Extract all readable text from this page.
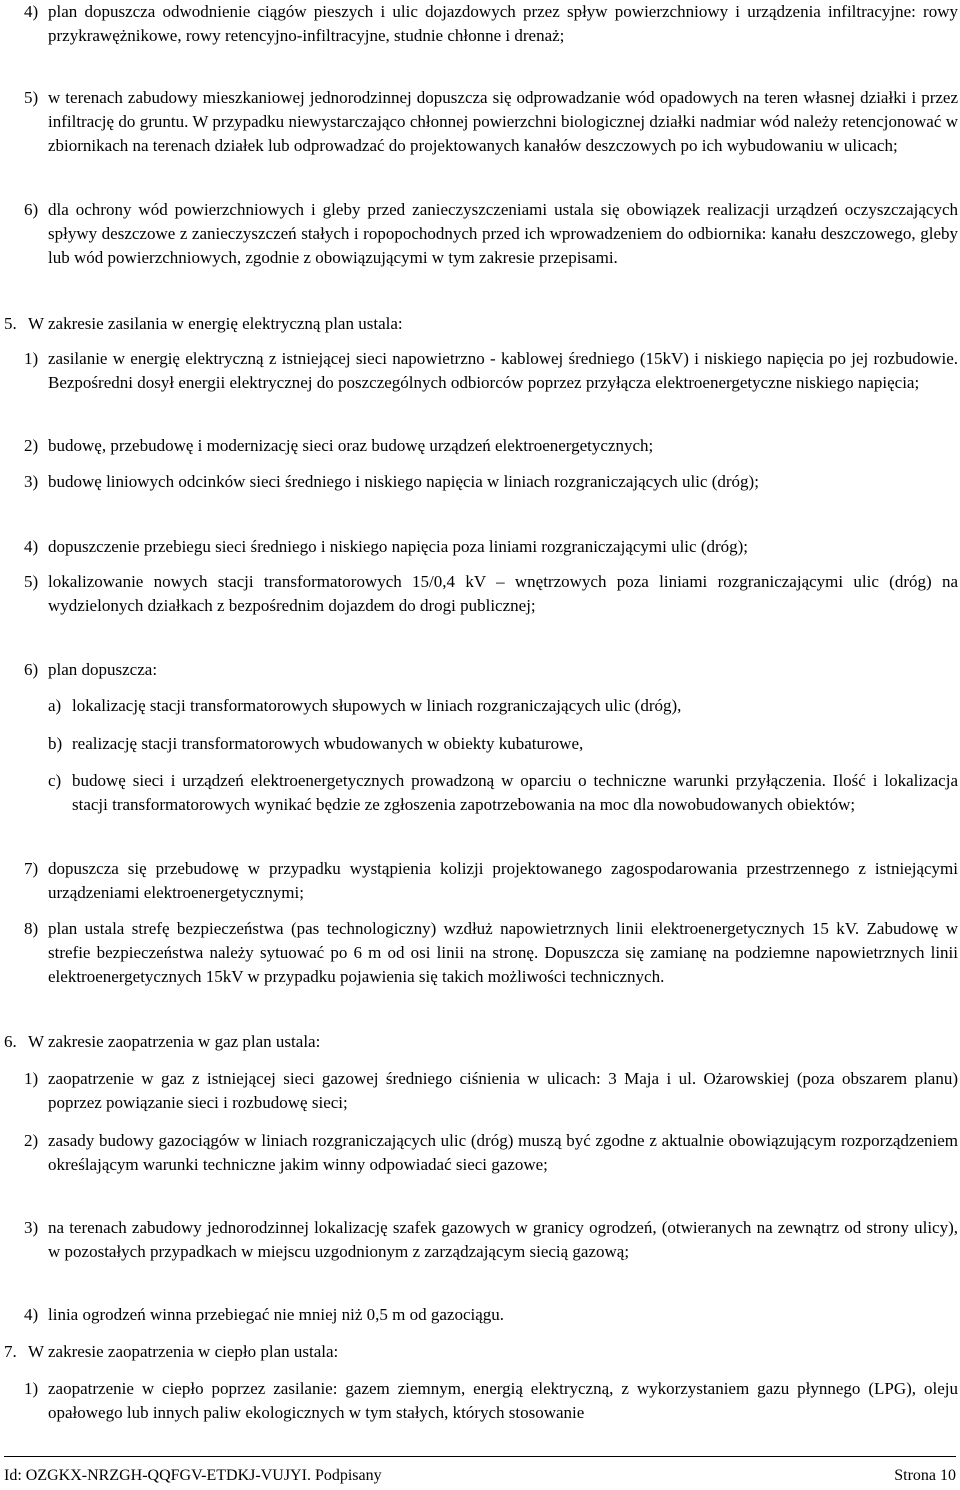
4) plan dopuszcza odwodnienie ciągów pieszych i ulic dojazdowych przez spływ powierzchniowy i urządzenia infiltracyjne: rowy przykrawężnikowe, rowy retencyjno-infiltracyjne, studnie chłonne i drenaż;
5) w terenach zabudowy mieszkaniowej jednorodzinnej dopuszcza się odprowadzanie wód opadowych na teren własnej działki i przez infiltrację do gruntu. W przypadku niewystarczająco chłonnej powierzchni biologicznej działki nadmiar wód należy retencjonować w zbiornikach na terenach działek lub odprowadzać do projektowanych kanałów deszczowych po ich wybudowaniu w ulicach;
6) dla ochrony wód powierzchniowych i gleby przed zanieczyszczeniami ustala się obowiązek realizacji urządzeń oczyszczających spływy deszczowe z zanieczyszczeń stałych i ropopochodnych przed ich wprowadzeniem do odbiornika: kanału deszczowego, gleby lub wód powierzchniowych, zgodnie z obowiązującymi w tym zakresie przepisami.
5. W zakresie zasilania w energię elektryczną plan ustala:
1) zasilanie w energię elektryczną z istniejącej sieci napowietrzno - kablowej średniego (15kV) i niskiego napięcia po jej rozbudowie. Bezpośredni dosył energii elektrycznej do poszczególnych odbiorców poprzez przyłącza elektroenergetyczne niskiego napięcia;
2) budowę, przebudowę i modernizację sieci oraz budowę urządzeń elektroenergetycznych;
3) budowę liniowych odcinków sieci średniego i niskiego napięcia w liniach rozgraniczających ulic (dróg);
4) dopuszczenie przebiegu sieci średniego i niskiego napięcia poza liniami rozgraniczającymi ulic (dróg);
5) lokalizowanie nowych stacji transformatorowych 15/0,4 kV – wnętrzowych poza liniami rozgraniczającymi ulic (dróg) na wydzielonych działkach z bezpośrednim dojazdem do drogi publicznej;
6) plan dopuszcza:
a) lokalizację stacji transformatorowych słupowych w liniach rozgraniczających ulic (dróg),
b) realizację stacji transformatorowych wbudowanych w obiekty kubaturowe,
c) budowę sieci i urządzeń elektroenergetycznych prowadzoną w oparciu o techniczne warunki przyłączenia. Ilość i lokalizacja stacji transformatorowych wynikać będzie ze zgłoszenia zapotrzebowania na moc dla nowobudowanych obiektów;
7) dopuszcza się przebudowę w przypadku wystąpienia kolizji projektowanego zagospodarowania przestrzennego z istniejącymi urządzeniami elektroenergetycznymi;
8) plan ustala strefę bezpieczeństwa (pas technologiczny) wzdłuż napowietrznych linii elektroenergetycznych 15 kV. Zabudowę w strefie bezpieczeństwa należy sytuować po 6 m od osi linii na stronę. Dopuszcza się zamianę na podziemne napowietrznych linii elektroenergetycznych 15kV w przypadku pojawienia się takich możliwości technicznych.
6. W zakresie zaopatrzenia w gaz plan ustala:
1) zaopatrzenie w gaz z istniejącej sieci gazowej średniego ciśnienia w ulicach: 3 Maja i ul. Ożarowskiej (poza obszarem planu) poprzez powiązanie sieci i rozbudowę sieci;
2) zasady budowy gazociągów w liniach rozgraniczających ulic (dróg) muszą być zgodne z aktualnie obowiązującym rozporządzeniem określającym warunki techniczne jakim winny odpowiadać sieci gazowe;
3) na terenach zabudowy jednorodzinnej lokalizację szafek gazowych w granicy ogrodzeń, (otwieranych na zewnątrz od strony ulicy), w pozostałych przypadkach w miejscu uzgodnionym z zarządzającym siecią gazową;
4) linia ogrodzeń winna przebiegać nie mniej niż 0,5 m od gazociągu.
7. W zakresie zaopatrzenia w ciepło plan ustala:
1) zaopatrzenie w ciepło poprzez zasilanie: gazem ziemnym, energią elektryczną, z wykorzystaniem gazu płynnego (LPG), oleju opałowego lub innych paliw ekologicznych w tym stałych, których stosowanie
Id: OZGKX-NRZGH-QQFGV-ETDKJ-VUJYI. Podpisany	Strona 10
